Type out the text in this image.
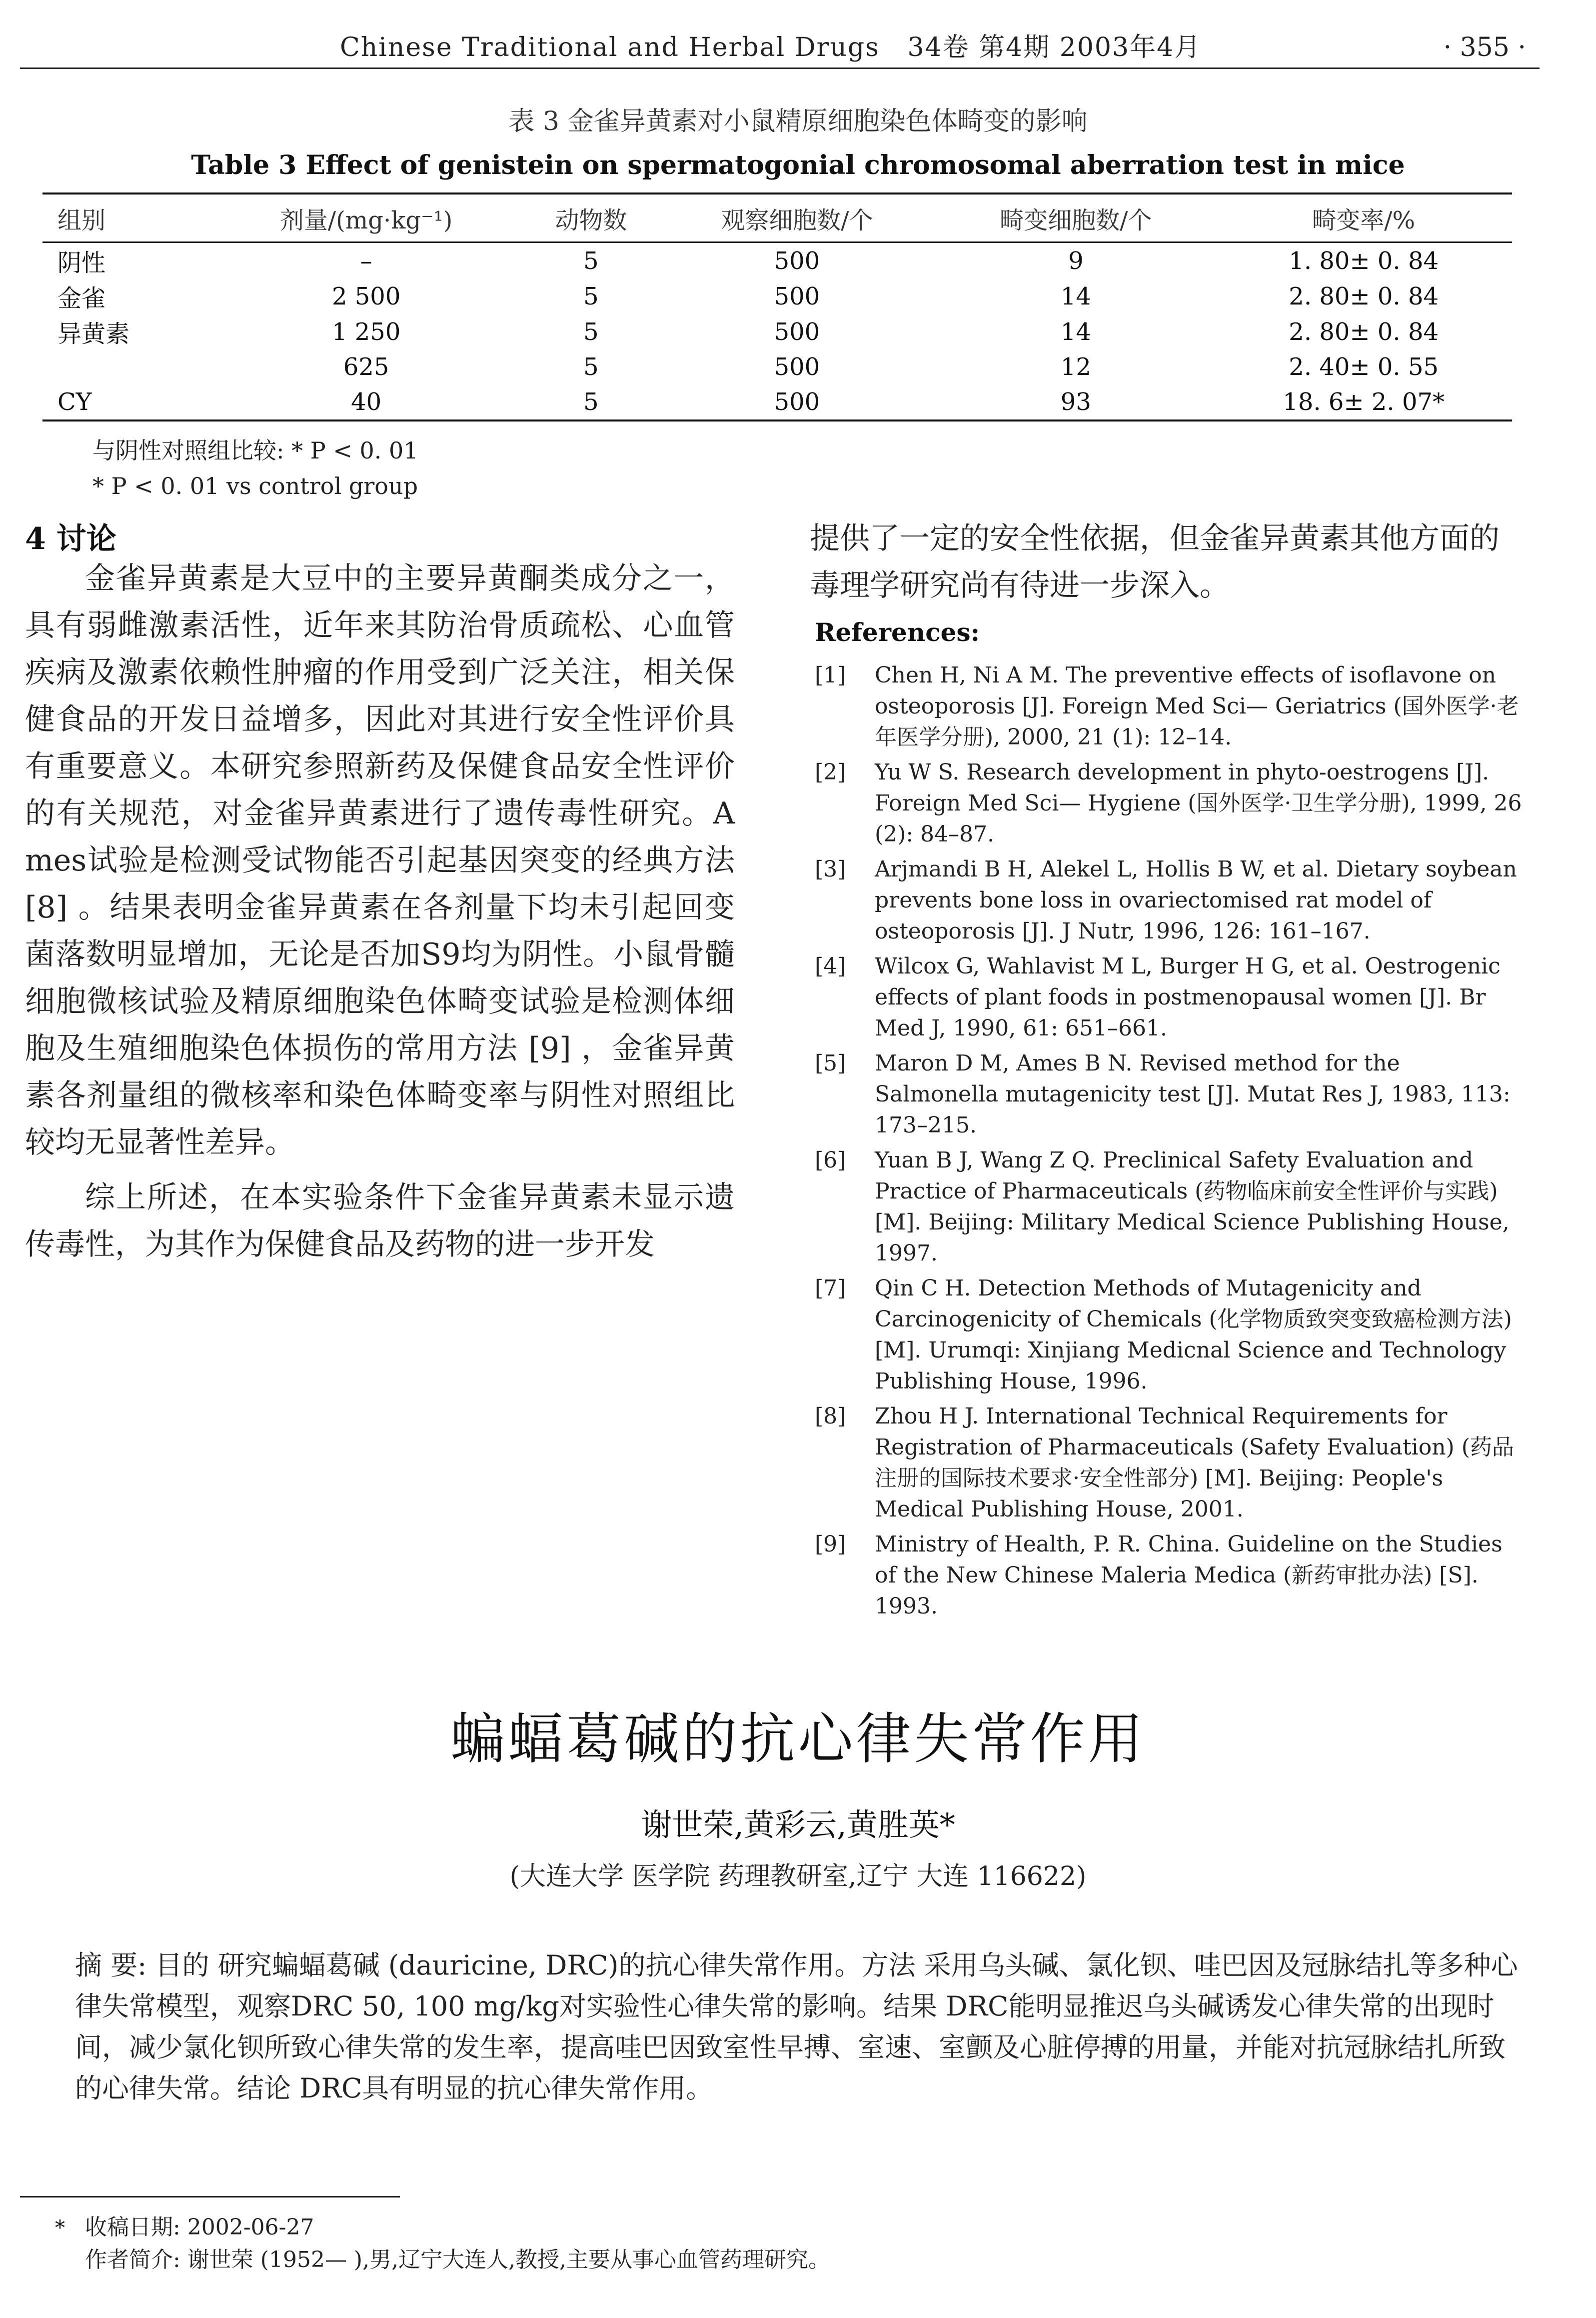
Chinese Traditional and Herbal Drugs 34卷 第4期 2003年4月	· 355 ·
表 3 金雀异黄素对小鼠精原细胞染色体畸变的影响
Table 3 Effect of genistein on spermatogonial chromosomal aberration test in mice
组别	剂量/(mg·kg⁻¹)	动物数	观察细胞数/个	畸变细胞数/个	畸变率/%
阴性	–	5	500	9	1. 80± 0. 84
金雀	2 500	5	500	14	2. 80± 0. 84
异黄素	1 250	5	500	14	2. 80± 0. 84
	625	5	500	12	2. 40± 0. 55
CY	40	5	500	93	18. 6± 2. 07*
与阴性对照组比较: * P < 0. 01
* P < 0. 01 vs control group
4 讨论

金雀异黄素是大豆中的主要异黄酮类成分之一，具有弱雌激素活性，近年来其防治骨质疏松、心血管疾病及激素依赖性肿瘤的作用受到广泛关注，相关保健食品的开发日益增多，因此对其进行安全性评价具有重要意义。本研究参照新药及保健食品安全性评价的有关规范，对金雀异黄素进行了遗传毒性研究。Ames试验是检测受试物能否引起基因突变的经典方法 [8] 。结果表明金雀异黄素在各剂量下均未引起回变菌落数明显增加，无论是否加S9均为阴性。小鼠骨髓细胞微核试验及精原细胞染色体畸变试验是检测体细胞及生殖细胞染色体损伤的常用方法 [9] ，金雀异黄素各剂量组的微核率和染色体畸变率与阴性对照组比较均无显著性差异。

综上所述，在本实验条件下金雀异黄素未显示遗传毒性，为其作为保健食品及药物的进一步开发

提供了一定的安全性依据，但金雀异黄素其他方面的毒理学研究尚有待进一步深入。
References:
[1]	Chen H, Ni A M. The preventive effects of isoflavone on osteoporosis [J]. Foreign Med Sci— Geriatrics (国外医学·老年医学分册), 2000, 21 (1): 12–14.
[2]	Yu W S. Research development in phyto-oestrogens [J]. Foreign Med Sci— Hygiene (国外医学·卫生学分册), 1999, 26 (2): 84–87.
[3]	Arjmandi B H, Alekel L, Hollis B W, et al. Dietary soybean prevents bone loss in ovariectomised rat model of osteoporosis [J]. J Nutr, 1996, 126: 161–167.
[4]	Wilcox G, Wahlavist M L, Burger H G, et al. Oestrogenic effects of plant foods in postmenopausal women [J]. Br Med J, 1990, 61: 651–661.
[5]	Maron D M, Ames B N. Revised method for the Salmonella mutagenicity test [J]. Mutat Res J, 1983, 113: 173–215.
[6]	Yuan B J, Wang Z Q. Preclinical Safety Evaluation and Practice of Pharmaceuticals (药物临床前安全性评价与实践) [M]. Beijing: Military Medical Science Publishing House, 1997.
[7]	Qin C H. Detection Methods of Mutagenicity and Carcinogenicity of Chemicals (化学物质致突变致癌检测方法) [M]. Urumqi: Xinjiang Medicnal Science and Technology Publishing House, 1996.
[8]	Zhou H J. International Technical Requirements for Registration of Pharmaceuticals (Safety Evaluation) (药品注册的国际技术要求·安全性部分) [M]. Beijing: People's Medical Publishing House, 2001.
[9]	Ministry of Health, P. R. China. Guideline on the Studies of the New Chinese Maleria Medica (新药审批办法) [S]. 1993.
蝙蝠葛碱的抗心律失常作用
谢世荣,黄彩云,黄胜英*
(大连大学 医学院 药理教研室,辽宁 大连 116622)
摘 要: 目的 研究蝙蝠葛碱 (dauricine, DRC)的抗心律失常作用。方法 采用乌头碱、氯化钡、哇巴因及冠脉结扎等多种心律失常模型，观察DRC 50, 100 mg/kg对实验性心律失常的影响。结果 DRC能明显推迟乌头碱诱发心律失常的出现时间，减少氯化钡所致心律失常的发生率，提高哇巴因致室性早搏、室速、室颤及心脏停搏的用量，并能对抗冠脉结扎所致的心律失常。结论 DRC具有明显的抗心律失常作用。
* 收稿日期: 2002-06-27
作者简介: 谢世荣 (1952— ),男,辽宁大连人,教授,主要从事心血管药理研究。
